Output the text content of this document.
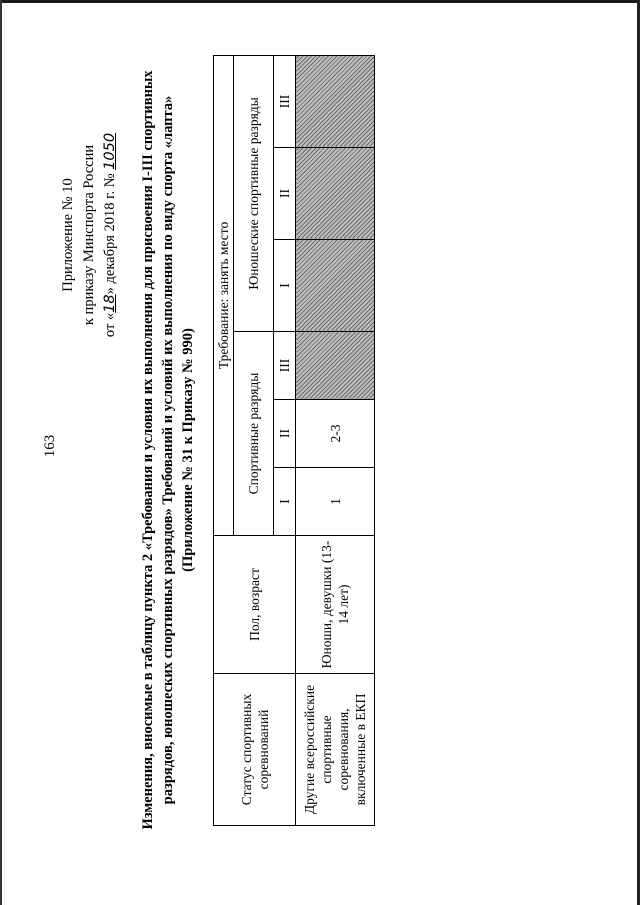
163
Приложение № 10 к приказу Минспорта России от «18» декабря 2018 г. № 1050 Изменения, вносимые в таблицу пункта 2 «Требования и условия их выполнения для присвоения I-III спортивных разрядов, юношеских спортивных разрядов» Требований и условий их выполнения по виду спорта «лапта» (Приложение № 31 к Приказу № 990)
Статус спортивных соревнований	Пол, возраст	Требование: занять место					
		Спортивные разряды			Юношеские спортивные разряды		
		I	II	III	I	II	III
Другие всероссийские спортивные соревнования, включенные в ЕКП	Юноши, девушки (13-14 лет)	1	2-3				
